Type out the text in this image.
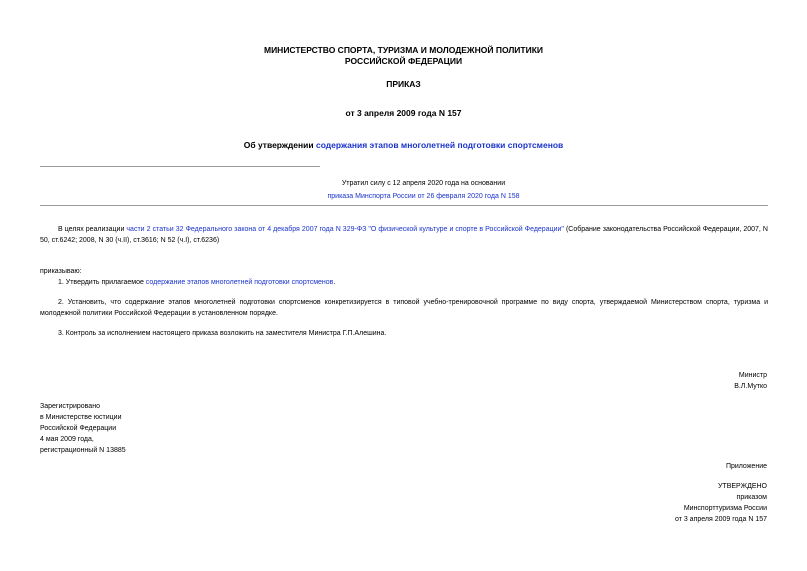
МИНИСТЕРСТВО СПОРТА, ТУРИЗМА И МОЛОДЕЖНОЙ ПОЛИТИКИ
РОССИЙСКОЙ ФЕДЕРАЦИИ
ПРИКАЗ
от 3 апреля 2009 года N 157
Об утверждении содержания этапов многолетней подготовки спортсменов
Утратил силу с 12 апреля 2020 года на основании
приказа Минспорта России от 26 февраля 2020 года N 158
В целях реализации части 2 статьи 32 Федерального закона от 4 декабря 2007 года N 329-ФЗ "О физической культуре и спорте в Российской Федерации" (Собрание законодательства Российской Федерации, 2007, N 50, ст.6242; 2008, N 30 (ч.II), ст.3616; N 52 (ч.I), ст.6236)
приказываю:
1. Утвердить прилагаемое содержание этапов многолетней подготовки спортсменов.
2. Установить, что содержание этапов многолетней подготовки спортсменов конкретизируется в типовой учебно-тренировочной программе по виду спорта, утверждаемой Министерством спорта, туризма и молодежной политики Российской Федерации в установленном порядке.
3. Контроль за исполнением настоящего приказа возложить на заместителя Министра Г.П.Алешина.
Министр
В.Л.Мутко
Зарегистрировано
в Министерстве юстиции
Российской Федерации
4 мая 2009 года,
регистрационный N 13885
Приложение
УТВЕРЖДЕНО
приказом
Минспорттуризма России
от 3 апреля 2009 года N 157
